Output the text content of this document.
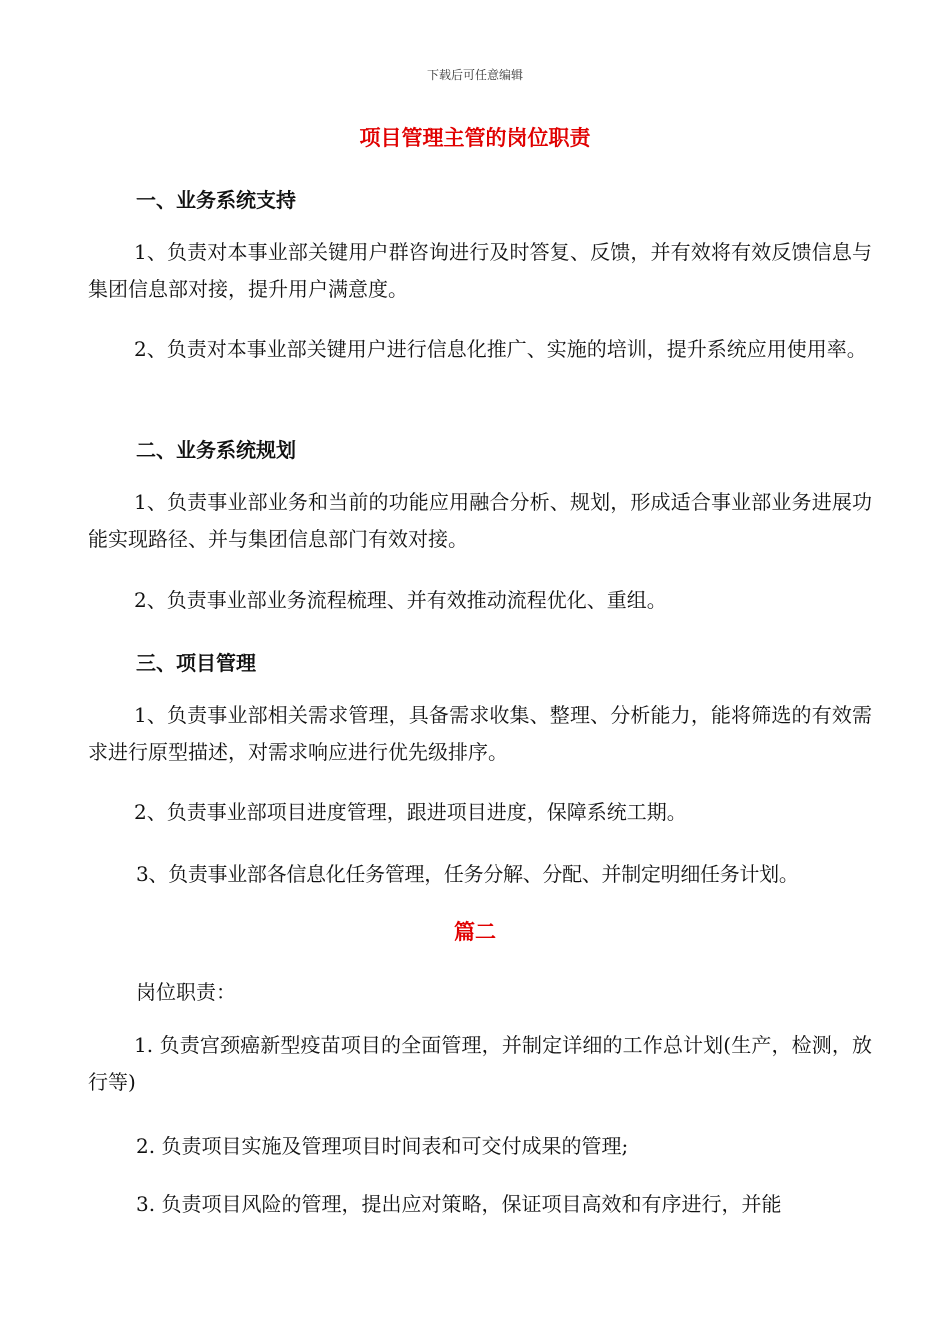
下载后可任意编辑
项目管理主管的岗位职责
一、业务系统支持
1、负责对本事业部关键用户群咨询进行及时答复、反馈，并有效将有效反馈信息与集团信息部对接，提升用户满意度。
2、负责对本事业部关键用户进行信息化推广、实施的培训，提升系统应用使用率。
二、业务系统规划
1、负责事业部业务和当前的功能应用融合分析、规划，形成适合事业部业务进展功能实现路径、并与集团信息部门有效对接。
2、负责事业部业务流程梳理、并有效推动流程优化、重组。
三、项目管理
1、负责事业部相关需求管理，具备需求收集、整理、分析能力，能将筛选的有效需求进行原型描述，对需求响应进行优先级排序。
2、负责事业部项目进度管理，跟进项目进度，保障系统工期。
3、负责事业部各信息化任务管理，任务分解、分配、并制定明细任务计划。
篇二
岗位职责：
1. 负责宫颈癌新型疫苗项目的全面管理，并制定详细的工作总计划(生产，检测，放行等)
2. 负责项目实施及管理项目时间表和可交付成果的管理;
3. 负责项目风险的管理，提出应对策略，保证项目高效和有序进行，并能
